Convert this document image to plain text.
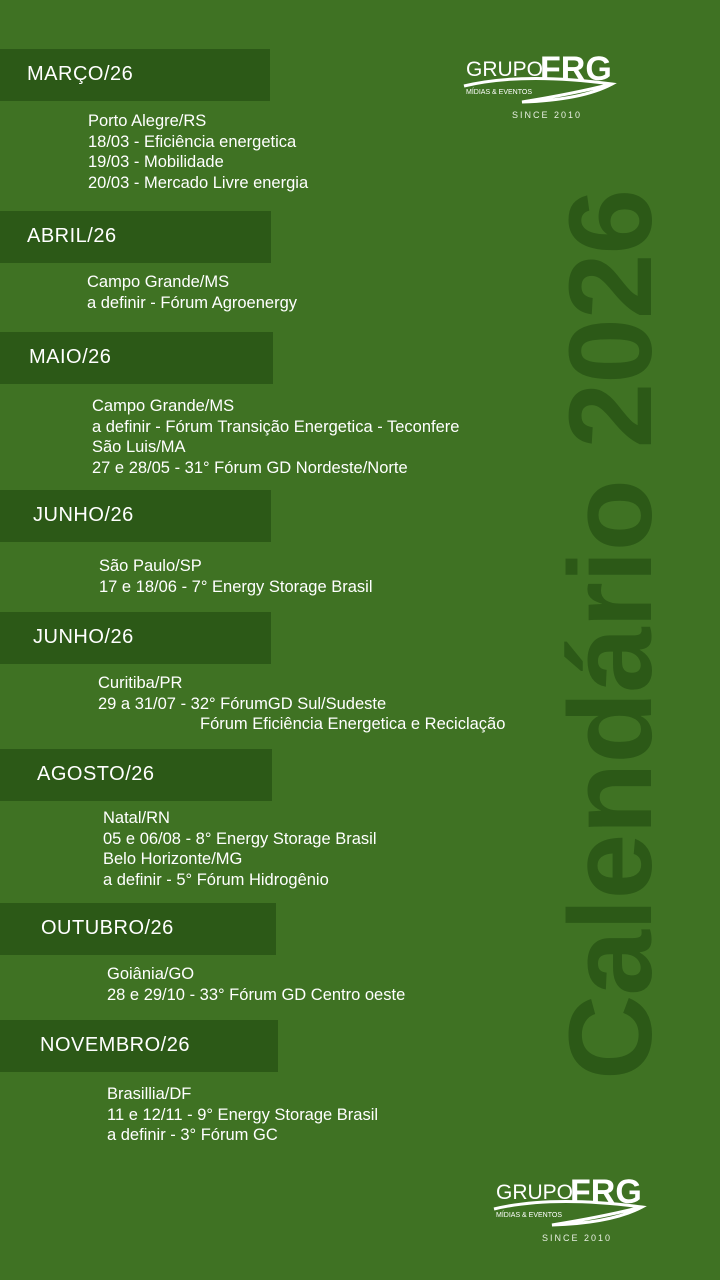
Calendário 2026
GRUPO
FRG
MÍDIAS & EVENTOS
SINCE 2010
GRUPO
FRG
MÍDIAS & EVENTOS
SINCE 2010
MARÇO/26
Porto Alegre/RS
18/03 - Eficiência energetica
19/03 - Mobilidade
20/03 - Mercado Livre energia
ABRIL/26
Campo Grande/MS
a definir - Fórum Agroenergy
MAIO/26
Campo Grande/MS
a definir - Fórum Transição Energetica - Teconfere
São Luis/MA
27 e 28/05 - 31° Fórum GD Nordeste/Norte
JUNHO/26
São Paulo/SP
17 e 18/06 - 7° Energy Storage Brasil
JUNHO/26
Curitiba/PR
29 a 31/07 - 32° FórumGD Sul/Sudeste
Fórum Eficiência Energetica e Reciclação
AGOSTO/26
Natal/RN
05 e 06/08 - 8° Energy Storage Brasil
Belo Horizonte/MG
a definir - 5° Fórum Hidrogênio
OUTUBRO/26
Goiânia/GO
28 e 29/10 - 33° Fórum GD Centro oeste
NOVEMBRO/26
Brasillia/DF
11 e 12/11 - 9° Energy Storage Brasil
a definir - 3° Fórum GC
